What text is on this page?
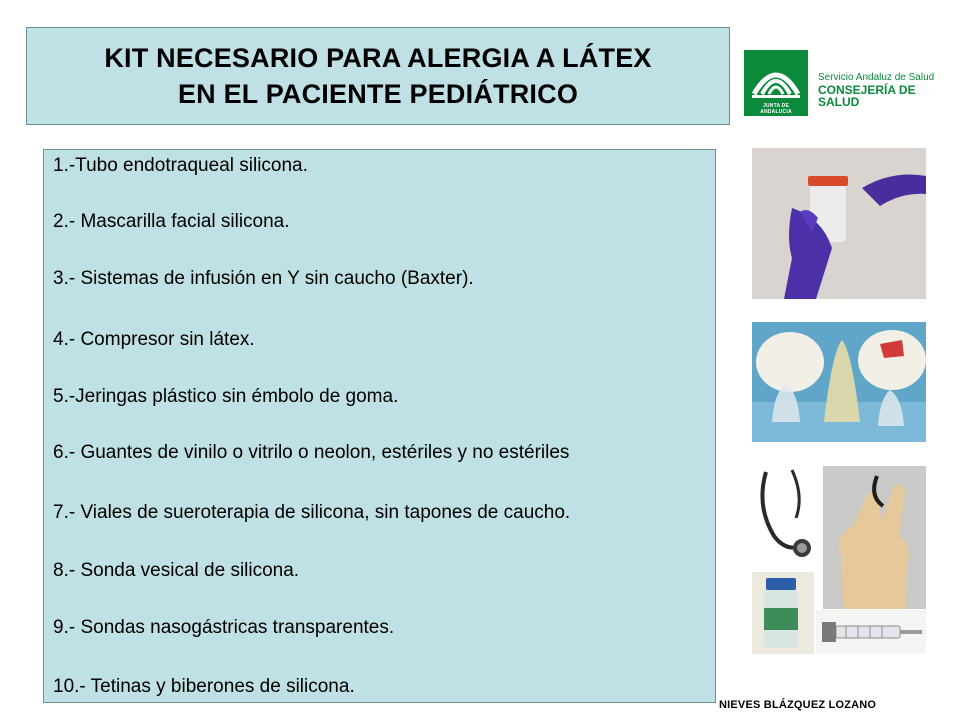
KIT NECESARIO PARA ALERGIA A LÁTEX
EN EL PACIENTE PEDIÁTRICO	JUNTA DE ANDALUCIA
Servicio Andaluz de Salud
CONSEJERÍA DE SALUD
1.-Tubo endotraqueal silicona.
2.- Mascarilla facial silicona.
3.- Sistemas de infusión en Y sin caucho (Baxter).
4.- Compresor sin látex.
5.-Jeringas plástico sin émbolo de goma.
6.- Guantes de vinilo o vitrilo o neolon, estériles y no estériles
7.- Viales de sueroterapia de silicona, sin tapones de caucho.
8.- Sonda vesical de silicona.
9.- Sondas nasogástricas transparentes.
10.- Tetinas y biberones de silicona.
NIEVES BLÁZQUEZ LOZANO
